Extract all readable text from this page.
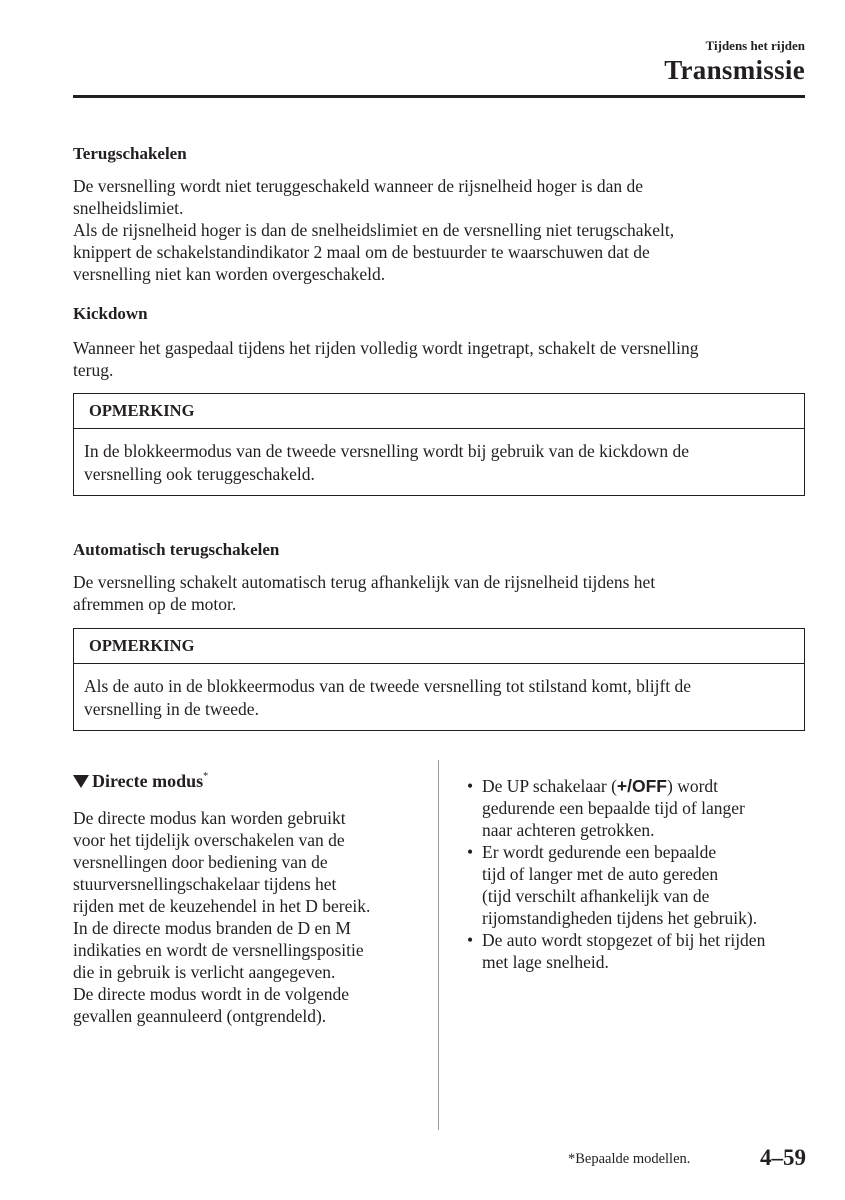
Tijdens het rijden
Transmissie
Terugschakelen
De versnelling wordt niet teruggeschakeld wanneer de rijsnelheid hoger is dan de
snelheidslimiet.
Als de rijsnelheid hoger is dan de snelheidslimiet en de versnelling niet terugschakelt,
knippert de schakelstandindikator 2 maal om de bestuurder te waarschuwen dat de
versnelling niet kan worden overgeschakeld.
Kickdown
Wanneer het gaspedaal tijdens het rijden volledig wordt ingetrapt, schakelt de versnelling
terug.
OPMERKING
In de blokkeermodus van de tweede versnelling wordt bij gebruik van de kickdown de
versnelling ook teruggeschakeld.
Automatisch terugschakelen
De versnelling schakelt automatisch terug afhankelijk van de rijsnelheid tijdens het
afremmen op de motor.
OPMERKING
Als de auto in de blokkeermodus van de tweede versnelling tot stilstand komt, blijft de
versnelling in de tweede.
Directe modus*
De directe modus kan worden gebruikt
voor het tijdelijk overschakelen van de
versnellingen door bediening van de
stuurversnellingschakelaar tijdens het
rijden met de keuzehendel in het D bereik.
In de directe modus branden de D en M
indikaties en wordt de versnellingspositie
die in gebruik is verlicht aangegeven.
De directe modus wordt in de volgende
gevallen geannuleerd (ontgrendeld).
• De UP schakelaar (+/OFF) wordt
gedurende een bepaalde tijd of langer
naar achteren getrokken.
• Er wordt gedurende een bepaalde
tijd of langer met de auto gereden
(tijd verschilt afhankelijk van de
rijomstandigheden tijdens het gebruik).
• De auto wordt stopgezet of bij het rijden
met lage snelheid.
*Bepaalde modellen.	4–59
